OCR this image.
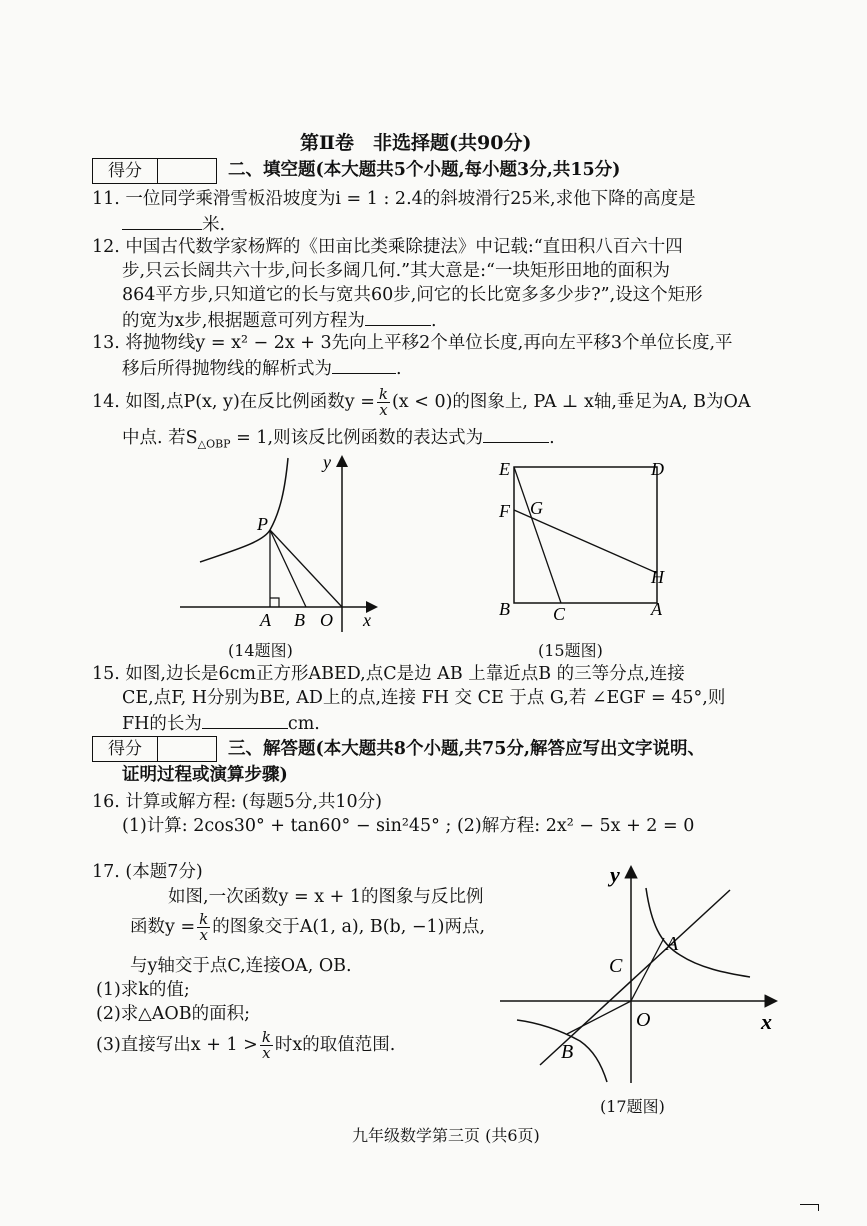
第Ⅱ卷　非选择题(共90分)
得分	二、填空题(本大题共5个小题,每小题3分,共15分)
11. 一位同学乘滑雪板沿坡度为i = 1 : 2.4的斜坡滑行25米,求他下降的高度是
米.
12. 中国古代数学家杨辉的《田亩比类乘除捷法》中记载:“直田积八百六十四
步,只云长阔共六十步,问长多阔几何.”其大意是:“一块矩形田地的面积为
864平方步,只知道它的长与宽共60步,问它的长比宽多多少步?”,设这个矩形
的宽为x步,根据题意可列方程为	.
13. 将抛物线y = x² − 2x + 3先向上平移2个单位长度,再向左平移3个单位长度,平
移后所得抛物线的解析式为	.
14. 如图,点P(x, y)在反比例函数$y = \frac{k}{x} (x < 0)$的图象上, PA ⊥ x轴,垂足为A, B为OA
中点. 若$S_{\triangle OBP} = 1$,则该反比例函数的表达式为	.
y
x
P
A B O
(14题图)
E	D
F G
H
B C	A
(15题图)
15. 如图,边长是6cm正方形ABED,点C是边 AB 上靠近点B 的三等分点,连接
CE,点F, H分别为BE, AD上的点,连接 FH 交 CE 于点 G,若 ∠EGF = 45°,则
FH的长为	cm.
得分	三、解答题(本大题共8个小题,共75分,解答应写出文字说明、
证明过程或演算步骤)
16. 计算或解方程: (每题5分,共10分)
(1)计算: 2cos30° + tan60° − sin²45° ; (2)解方程: 2x² − 5x + 2 = 0
17. (本题7分)
如图,一次函数y = x + 1的图象与反比例
函数$y = \frac{k}{x}$ 的图象交于A(1, a), B(b, −1)两点,
与y轴交于点C,连接OA, OB.
(1)求k的值;
(2)求△AOB的面积;
(3)直接写出$x + 1 > \frac{k}{x}$ 时x的取值范围.
y
x
A
B
C
O
(17题图)
九年级数学第三页 (共6页)
